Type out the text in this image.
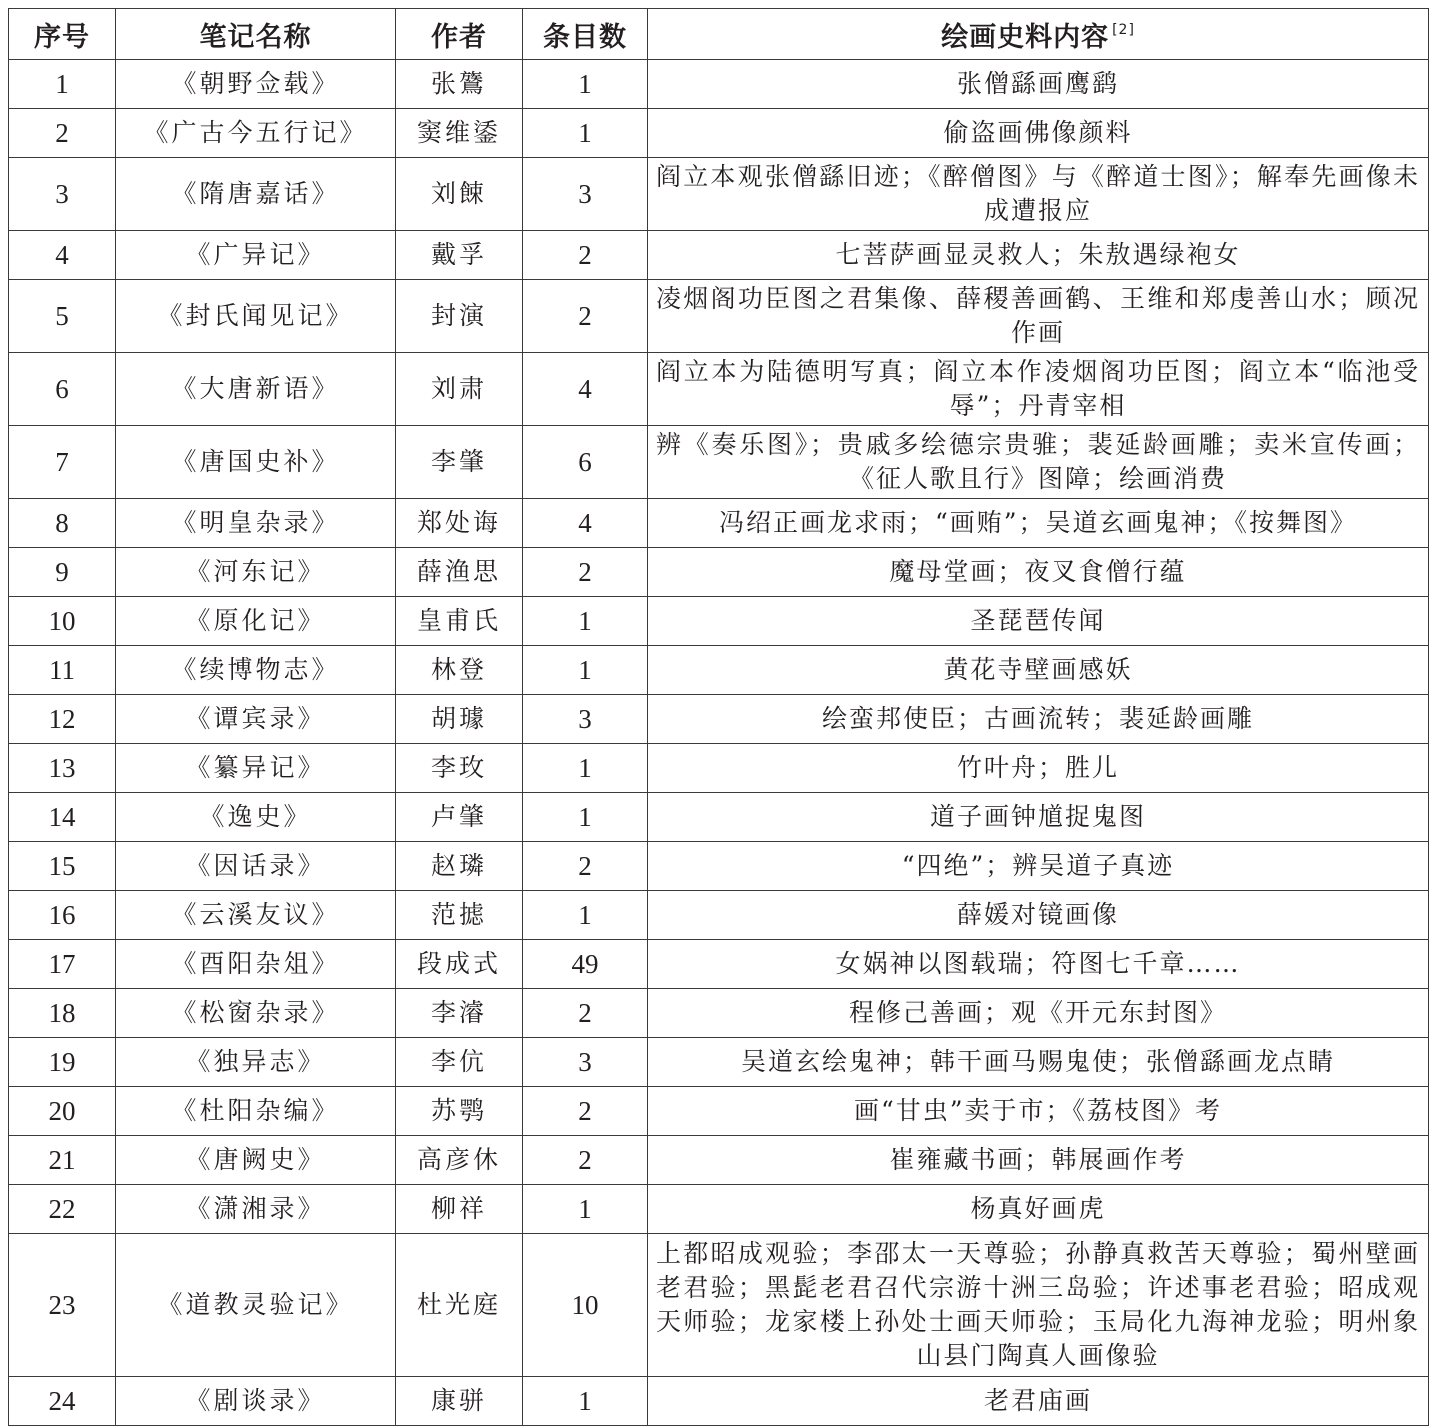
序号	笔记名称	作者	条目数	绘画史料内容 [2]
1	《朝野佥载》	张鷟	1	张僧繇画鹰鹞
2	《广古今五行记》	窦维鋈	1	偷盗画佛像颜料
3	《隋唐嘉话》	刘餗	3	阎立本观张僧繇旧迹；《醉僧图》与《醉道士图》；解奉先画像未成遭报应
4	《广异记》	戴孚	2	七菩萨画显灵救人；朱敖遇绿袍女
5	《封氏闻见记》	封演	2	凌烟阁功臣图之君集像、薛稷善画鹤、王维和郑虔善山水；顾况作画
6	《大唐新语》	刘肃	4	阎立本为陆德明写真；阎立本作凌烟阁功臣图；阎立本“临池受辱”；丹青宰相
7	《唐国史补》	李肇	6	辨《奏乐图》；贵戚多绘德宗贵骓；裴延龄画雕；卖米宣传画；《征人歌且行》图障；绘画消费
8	《明皇杂录》	郑处诲	4	冯绍正画龙求雨；“画贿”；吴道玄画鬼神；《按舞图》
9	《河东记》	薛渔思	2	魔母堂画；夜叉食僧行蕴
10	《原化记》	皇甫氏	1	圣琵琶传闻
11	《续博物志》	林登	1	黄花寺壁画感妖
12	《谭宾录》	胡璩	3	绘蛮邦使臣；古画流转；裴延龄画雕
13	《纂异记》	李玫	1	竹叶舟；胜儿
14	《逸史》	卢肇	1	道子画钟馗捉鬼图
15	《因话录》	赵璘	2	“四绝”；辨吴道子真迹
16	《云溪友议》	范摅	1	薛媛对镜画像
17	《酉阳杂俎》	段成式	49	女娲神以图载瑞；符图七千章……
18	《松窗杂录》	李濬	2	程修己善画；观《开元东封图》
19	《独异志》	李伉	3	吴道玄绘鬼神；韩干画马赐鬼使；张僧繇画龙点睛
20	《杜阳杂编》	苏鹗	2	画“甘虫”卖于市；《荔枝图》考
21	《唐阙史》	高彦休	2	崔雍藏书画；韩展画作考
22	《潇湘录》	柳祥	1	杨真好画虎
23	《道教灵验记》	杜光庭	10	上都昭成观验；李邵太一天尊验；孙静真救苦天尊验；蜀州壁画老君验；黑髭老君召代宗游十洲三岛验；许述事老君验；昭成观天师验；龙家楼上孙处士画天师验；玉局化九海神龙验；明州象山县门陶真人画像验
24	《剧谈录》	康骈	1	老君庙画
